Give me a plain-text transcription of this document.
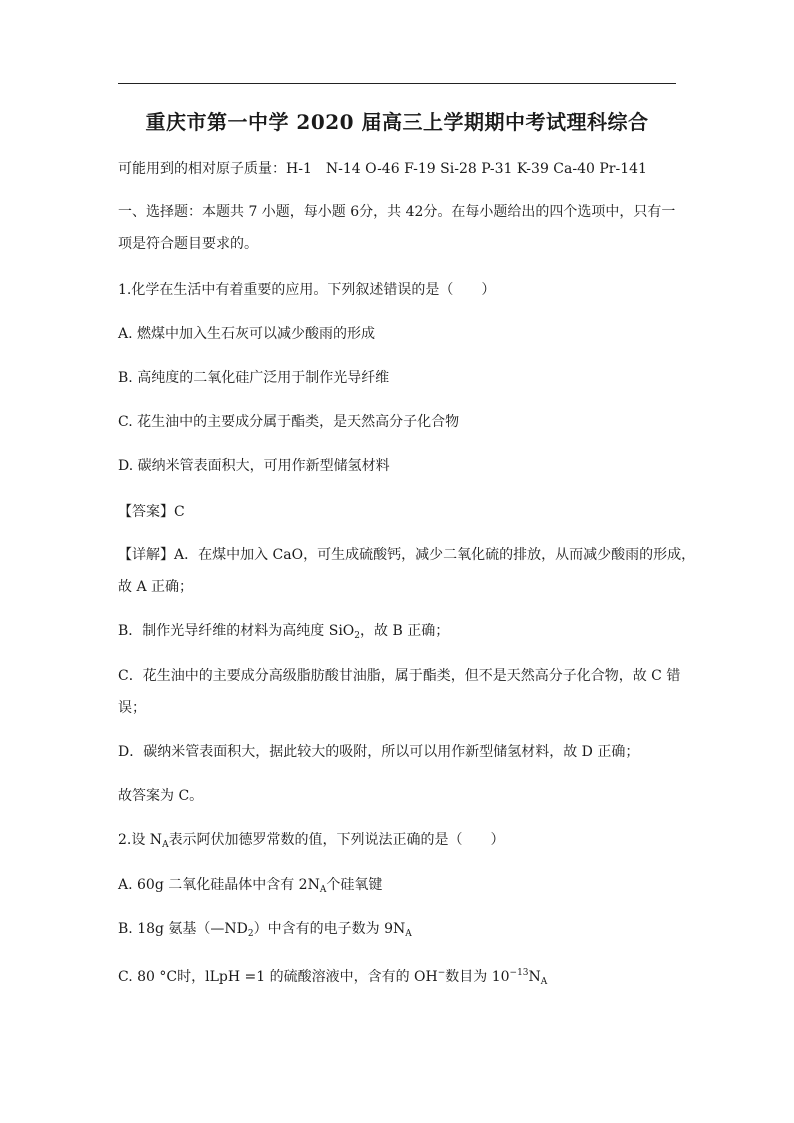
重庆市第一中学 2020 届高三上学期期中考试理科综合
可能用到的相对原子质量：H-1　N-14 O-46 F-19 Si-28 P-31 K-39 Ca-40 Pr-141
一、选择题：本题共 7 小题，每小题 6分，共 42分。在每小题给出的四个选项中，只有一
项是符合题目要求的。
1.化学在生活中有着重要的应用。下列叙述错误的是（　　）
A. 燃煤中加入生石灰可以减少酸雨的形成
B. 高纯度的二氧化硅广泛用于制作光导纤维
C. 花生油中的主要成分属于酯类，是天然高分子化合物
D. 碳纳米管表面积大，可用作新型储氢材料
【答案】C
【详解】A．在煤中加入 CaO，可生成硫酸钙，减少二氧化硫的排放，从而减少酸雨的形成，
故 A 正确；
B．制作光导纤维的材料为高纯度 SiO$_2$，故 B 正确；
C．花生油中的主要成分高级脂肪酸甘油脂，属于酯类，但不是天然高分子化合物，故 C 错
误；
D．碳纳米管表面积大，据此较大的吸附，所以可以用作新型储氢材料，故 D 正确；
故答案为 C。
2.设 $N_A$表示阿伏加德罗常数的值，下列说法正确的是（　　）
A. 60g 二氧化硅晶体中含有 $2N_A$个硅氧键
B. 18g 氨基$(—ND_2)$中含有的电子数为 $9N_A$
C. 80 °C时，lLpH =1 的硫酸溶液中，含有的 OH−数目为 $10^{-13}N_A$
